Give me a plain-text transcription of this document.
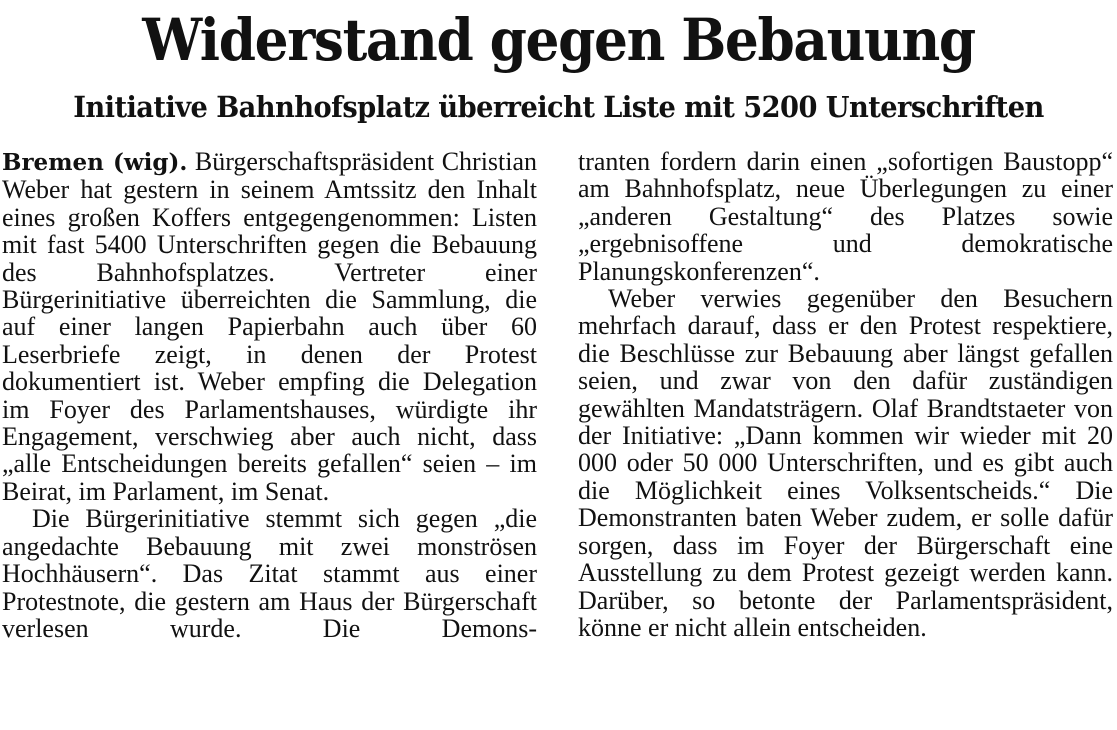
Widerstand gegen Bebauung
Initiative Bahnhofsplatz überreicht Liste mit 5200 Unterschriften

Bremen (wig). Bürgerschaftspräsident Christian Weber hat gestern in seinem Amtssitz den Inhalt eines großen Koffers entgegengenommen: Listen mit fast 5400 Unterschriften gegen die Bebauung des Bahnhofsplatzes. Vertreter einer Bürgerinitiative überreichten die Sammlung, die auf einer langen Papierbahn auch über 60 Leserbriefe zeigt, in denen der Protest dokumentiert ist. Weber empfing die Delegation im Foyer des Parlamentshauses, würdigte ihr Engagement, verschwieg aber auch nicht, dass „alle Entscheidungen bereits gefallen“ seien – im Beirat, im Parlament, im Senat.

Die Bürgerinitiative stemmt sich gegen „die angedachte Bebauung mit zwei monströsen Hochhäusern“. Das Zitat stammt aus einer Protestnote, die gestern am Haus der Bürgerschaft verlesen wurde. Die Demons-

tranten fordern darin einen „sofortigen Baustopp“ am Bahnhofsplatz, neue Überlegungen zu einer „anderen Gestaltung“ des Platzes sowie „ergebnisoffene und demokratische Planungskonferenzen“.

Weber verwies gegenüber den Besuchern mehrfach darauf, dass er den Protest respektiere, die Beschlüsse zur Bebauung aber längst gefallen seien, und zwar von den dafür zuständigen gewählten Mandatsträgern. Olaf Brandtstaeter von der Initiative: „Dann kommen wir wieder mit 20 000 oder 50 000 Unterschriften, und es gibt auch die Möglichkeit eines Volksentscheids.“ Die Demonstranten baten Weber zudem, er solle dafür sorgen, dass im Foyer der Bürgerschaft eine Ausstellung zu dem Protest gezeigt werden kann. Darüber, so betonte der Parlamentspräsident, könne er nicht allein entscheiden.
